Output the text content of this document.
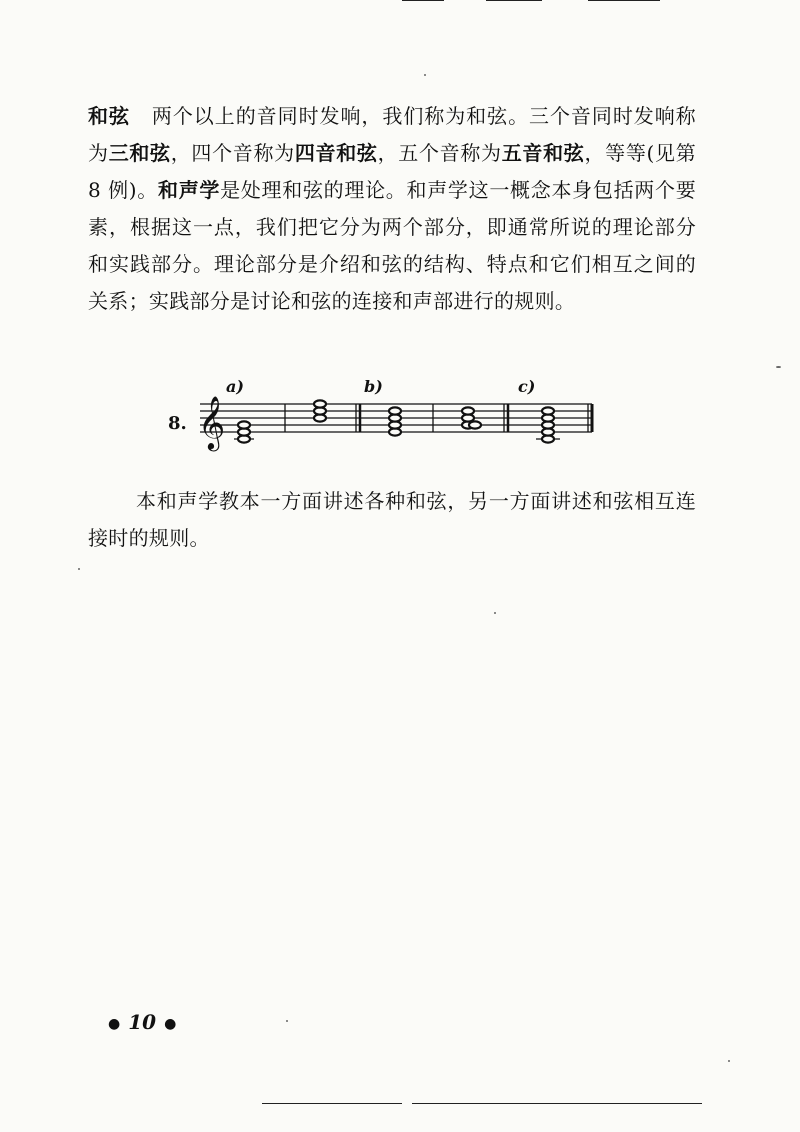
和弦 两个以上的音同时发响，我们称为和弦。三个音同时发响称为三和弦，四个音称为四音和弦，五个音称为五音和弦，等等(见第 8 例)。和声学是处理和弦的理论。和声学这一概念本身包括两个要素，根据这一点，我们把它分为两个部分，即通常所说的理论部分和实践部分。理论部分是介绍和弦的结构、特点和它们相互之间的关系；实践部分是讨论和弦的连接和声部进行的规则。

8. 𝄞
a)	b)	c)

本和声学教本一方面讲述各种和弦，另一方面讲述和弦相互连接时的规则。

● 10 ●
